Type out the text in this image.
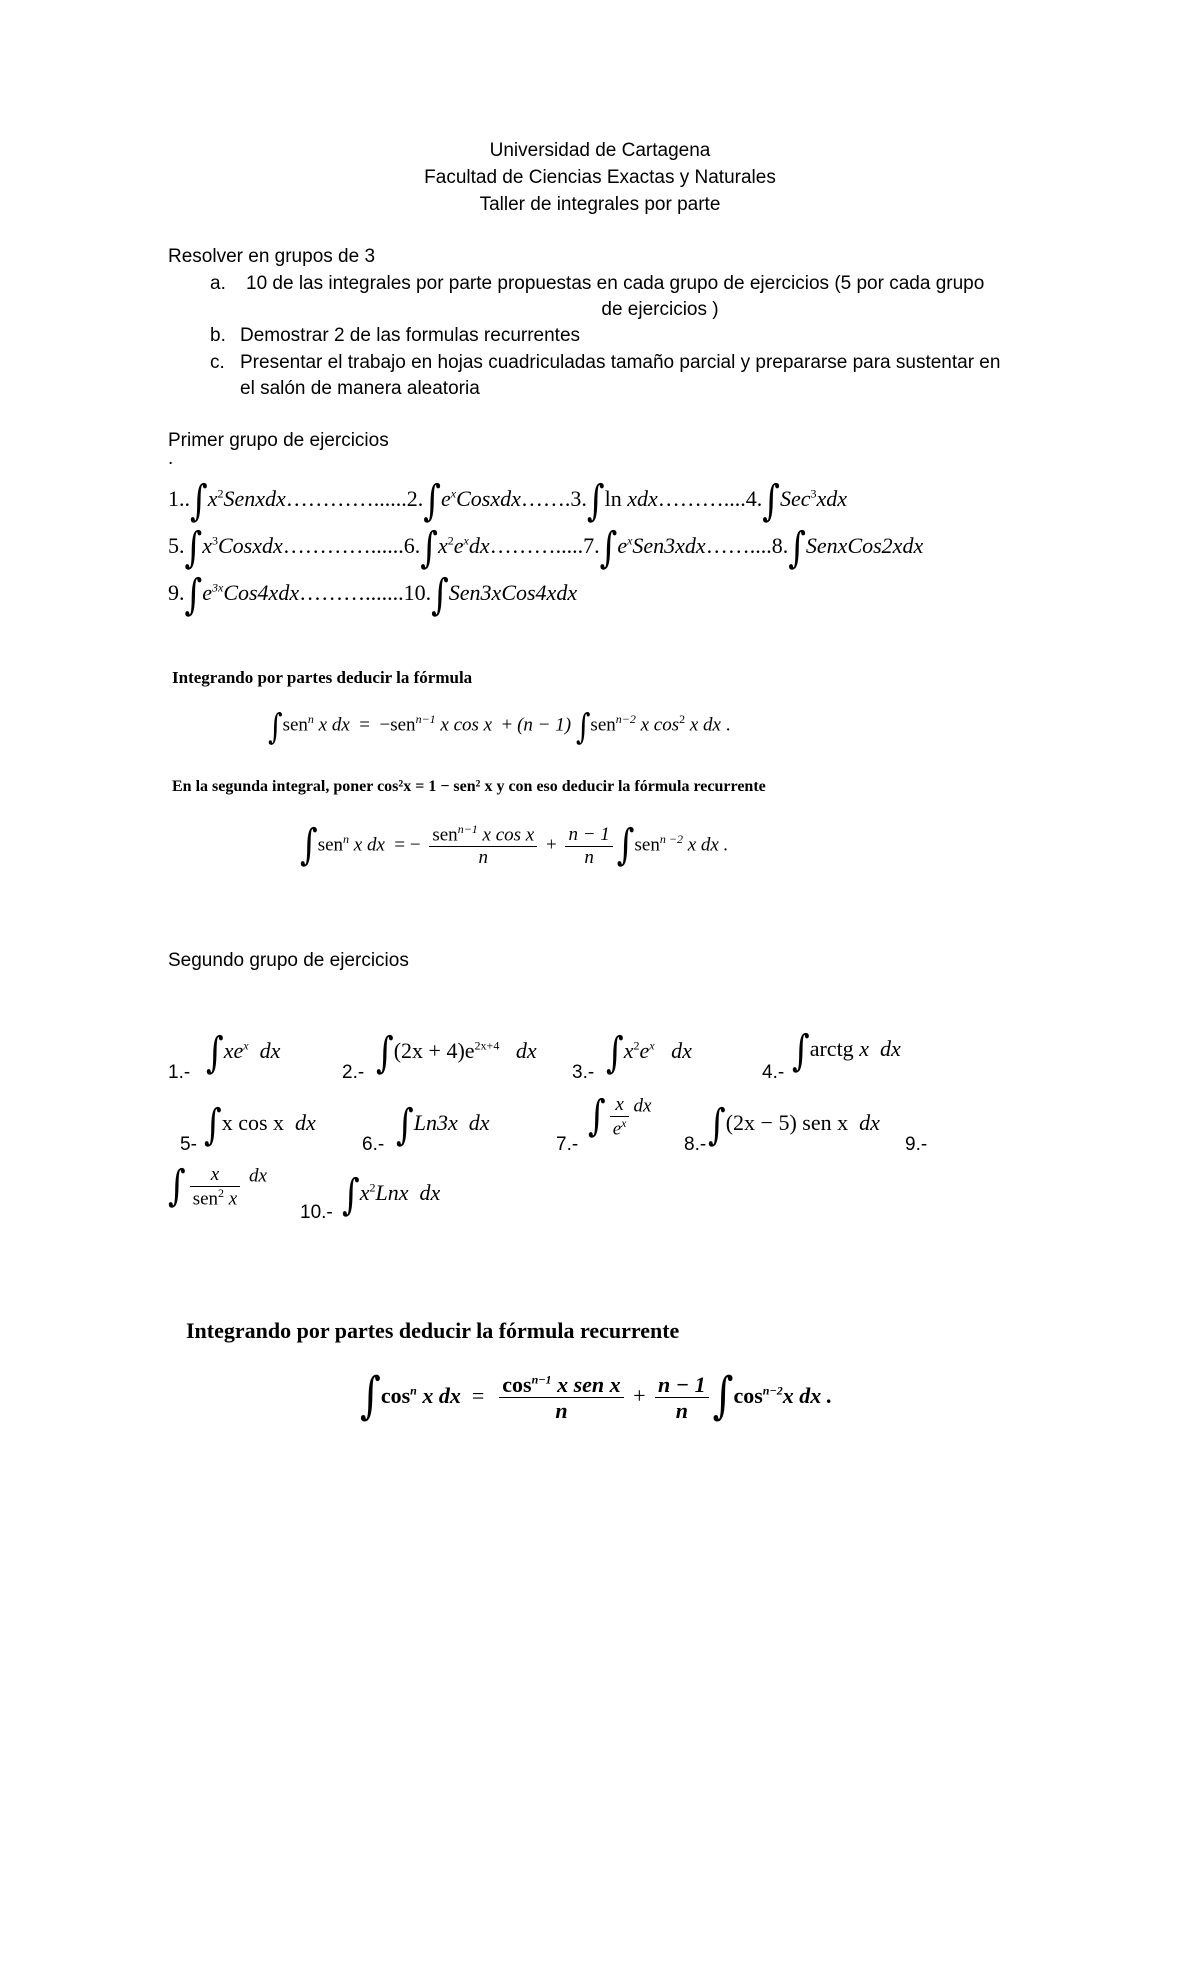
Universidad de Cartagena
Facultad de Ciencias Exactas y Naturales
Taller de integrales por parte
Resolver en grupos de 3
a. 10 de las integrales por parte propuestas en cada grupo de ejercicios (5 por cada grupo
de ejercicios )
b. Demostrar 2 de las formulas recurrentes
c. Presentar el trabajo en hojas cuadriculadas tamaño parcial y prepararse para sustentar en
el salón de manera aleatoria
Primer grupo de ejercicios
.
$1..\int x^2Senxdx\dots\dots\dots\dots......2.\int e^xCosxdx\dots\dots.3.\int\ln$ xdx………....4.∫Sec$^3$xdx
$5.\int x^3Cosxdx\dots\dots\dots\dots......6.\int x^2e^xdx\dots\dots\dots.....7.\int e^xSen3xdx\dots\dots....8.\int SenxCos2xdx$
$9.\int e^{3x}Cos4xdx\dots\dots\dots.......10.\int Sen3xCos4xdx$
Integrando por partes deducir la fórmula
∫sen$^n$ x dx = −sen$^{n-1}$ x cos x + (n − 1) ∫sen$^{n-2}$ x $\cos^2 x$ dx .
En la segunda integral, poner cos²x = 1 − sen² x y con eso deducir la fórmula recurrente
∫sen$^n$ x dx = − $\frac{sen^{n-1} x \cos x}{n} + \frac{n - 1}{n} \int sen^{n -2}$ x dx .
Segundo grupo de ejercicios
1.- $\int xe^x$ dx
2.- $\int(2x + 4)e^{2x+4}$ dx
3.- $\int x^2e^x$ dx
4.- ∫arctg x dx
5- ∫x cos x dx
6.- ∫Ln3x dx
7.-
∫ $\frac{x}{e^x}$ dx
8.- ∫(2x − 5) sen x dx
9.-
∫ $\frac{x}{sen^2 x}$ dx
10.- $\int x^2Lnx$ dx
Integrando por partes deducir la fórmula recurrente
$\int\cos^n$ x dx = $\frac{\cos^{n-1} x sen x}{n} + \frac{n - 1}{n} \int\cos^{n-2}x$ dx .
